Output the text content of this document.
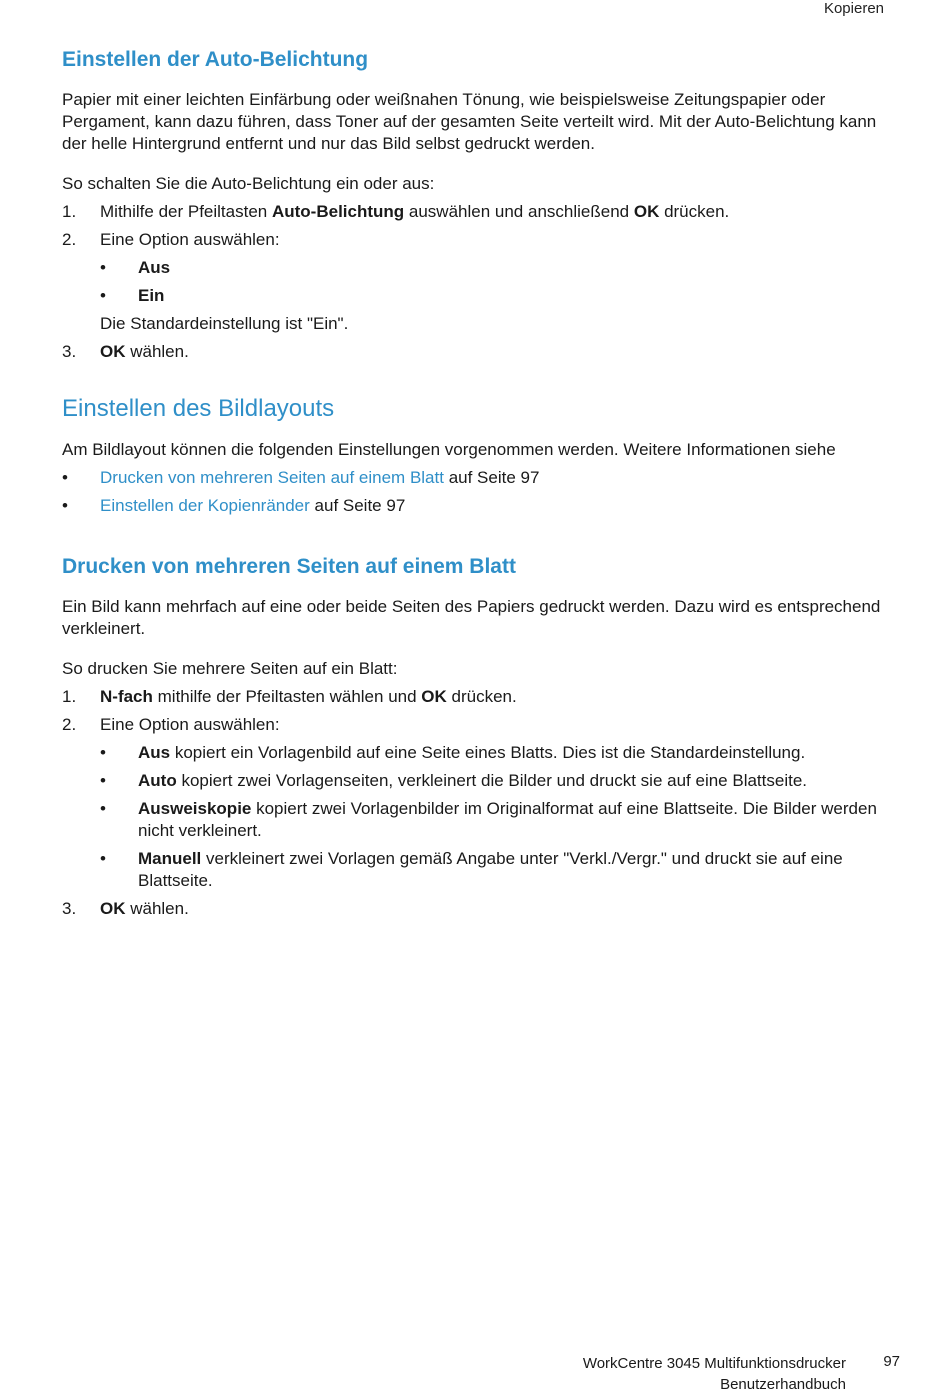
Kopieren
Einstellen der Auto-Belichtung

Papier mit einer leichten Einfärbung oder weißnahen Tönung, wie beispielsweise Zeitungspapier oder Pergament, kann dazu führen, dass Toner auf der gesamten Seite verteilt wird. Mit der Auto-Belichtung kann der helle Hintergrund entfernt und nur das Bild selbst gedruckt werden.

So schalten Sie die Auto-Belichtung ein oder aus:

1. Mithilfe der Pfeiltasten Auto-Belichtung auswählen und anschließend OK drücken.
2. Eine Option auswählen:
• Aus
• Ein
Die Standardeinstellung ist "Ein".
3. OK wählen.
Einstellen des Bildlayouts

Am Bildlayout können die folgenden Einstellungen vorgenommen werden. Weitere Informationen siehe

• Drucken von mehreren Seiten auf einem Blatt auf Seite 97
• Einstellen der Kopienränder auf Seite 97
Drucken von mehreren Seiten auf einem Blatt

Ein Bild kann mehrfach auf eine oder beide Seiten des Papiers gedruckt werden. Dazu wird es entsprechend verkleinert.

So drucken Sie mehrere Seiten auf ein Blatt:

1. N-fach mithilfe der Pfeiltasten wählen und OK drücken.
2. Eine Option auswählen:
• Aus kopiert ein Vorlagenbild auf eine Seite eines Blatts. Dies ist die Standardeinstellung.
• Auto kopiert zwei Vorlagenseiten, verkleinert die Bilder und druckt sie auf eine Blattseite.
• Ausweiskopie kopiert zwei Vorlagenbilder im Originalformat auf eine Blattseite. Die Bilder werden nicht verkleinert.
• Manuell verkleinert zwei Vorlagen gemäß Angabe unter "Verkl./Vergr." und druckt sie auf eine Blattseite.
3. OK wählen.
WorkCentre 3045 Multifunktionsdrucker
Benutzerhandbuch
97
